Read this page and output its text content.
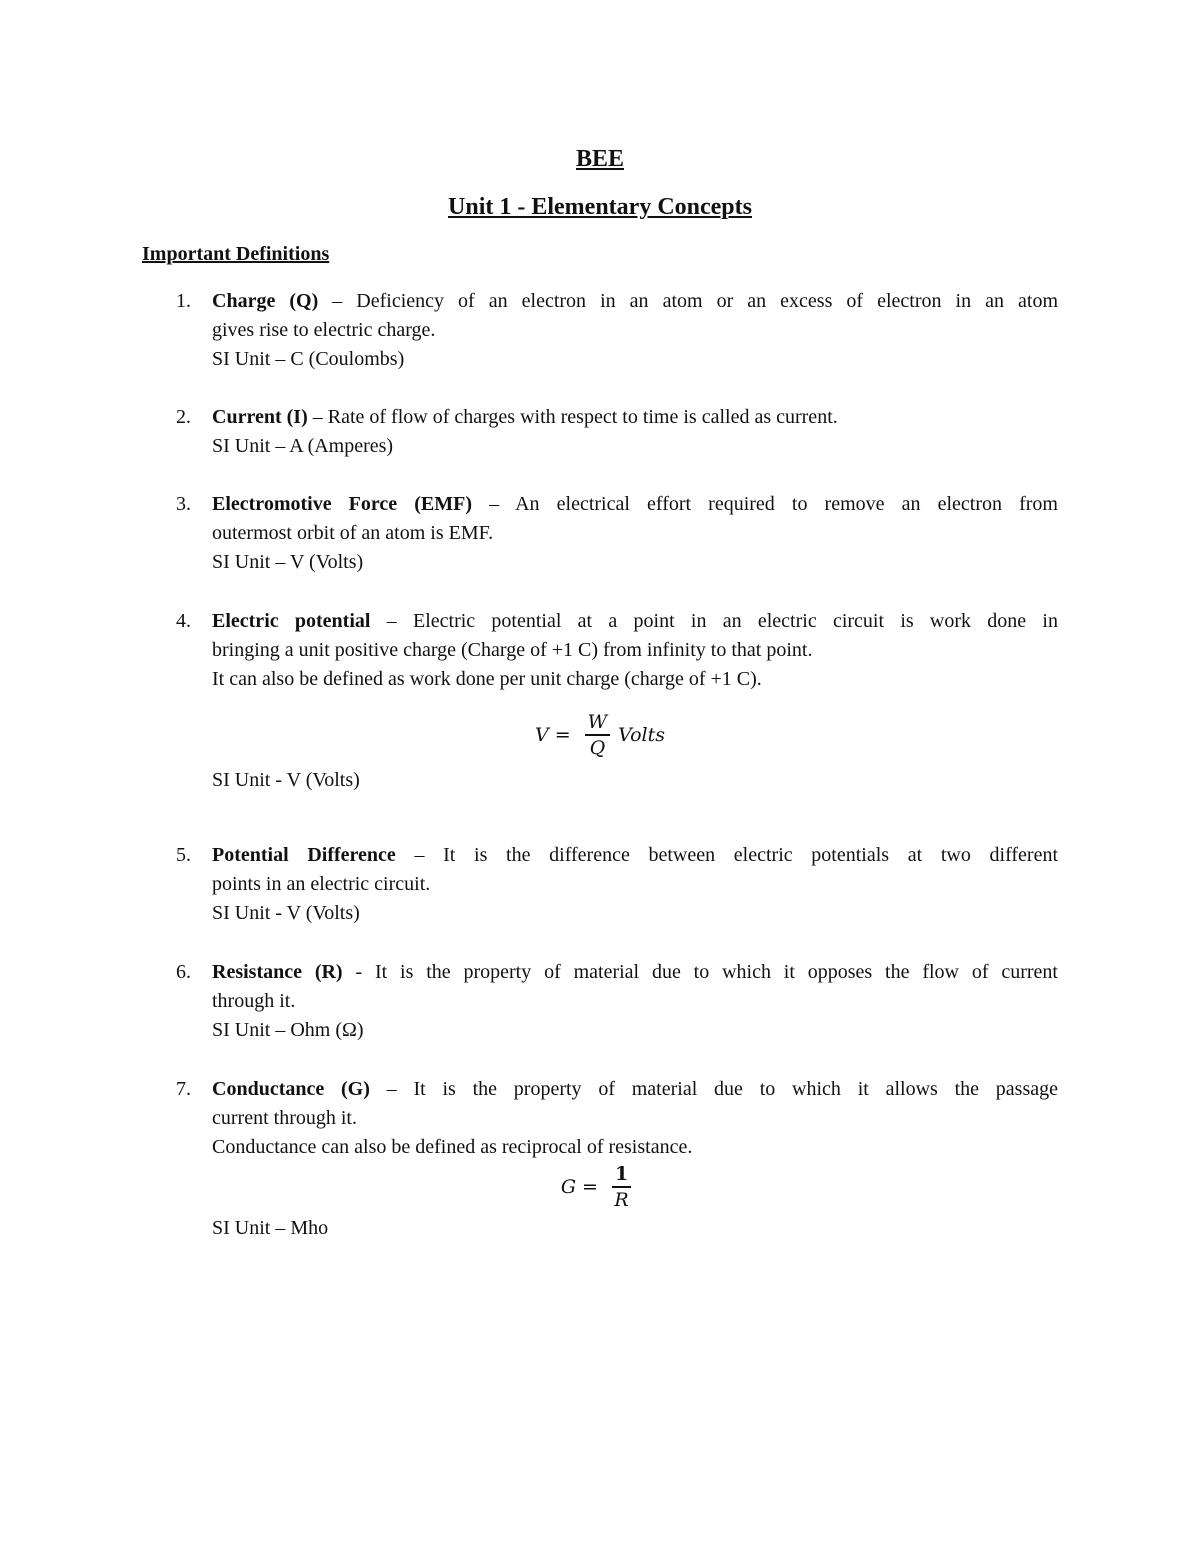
BEE
Unit 1 - Elementary Concepts
Important Definitions
1. Charge (Q) – Deficiency of an electron in an atom or an excess of electron in an atom
gives rise to electric charge.
SI Unit – C (Coulombs)
2. Current (I) – Rate of flow of charges with respect to time is called as current.
SI Unit – A (Amperes)
3. Electromotive Force (EMF) – An electrical effort required to remove an electron from
outermost orbit of an atom is EMF.
SI Unit – V (Volts)
4. Electric potential – Electric potential at a point in an electric circuit is work done in
bringing a unit positive charge (Charge of +1 C) from infinity to that point.
It can also be defined as work done per unit charge (charge of +1 C).
$V = \frac{W}{Q}$ Volts
SI Unit - V (Volts)
5. Potential Difference – It is the difference between electric potentials at two different
points in an electric circuit.
SI Unit - V (Volts)
6. Resistance (R) - It is the property of material due to which it opposes the flow of current
through it.
SI Unit – Ohm (Ω)
7. Conductance (G) – It is the property of material due to which it allows the passage
current through it.
Conductance can also be defined as reciprocal of resistance.
$G = \frac{1}{R}$
SI Unit – Mho
